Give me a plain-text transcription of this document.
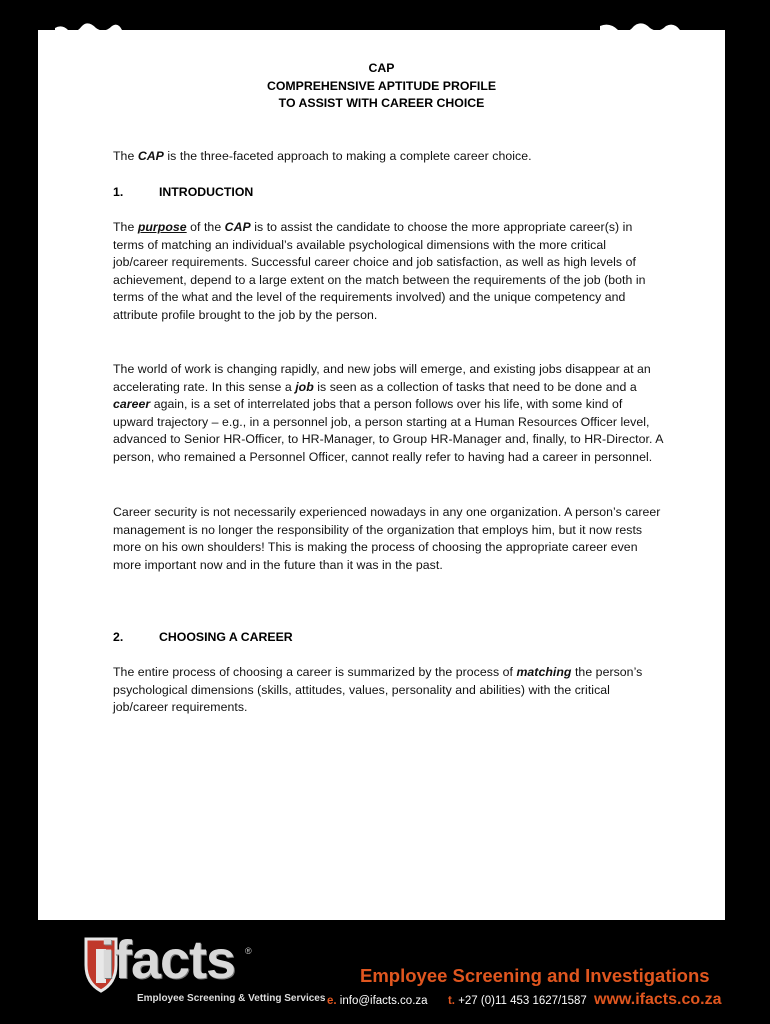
CAP
COMPREHENSIVE APTITUDE PROFILE
TO ASSIST WITH CAREER CHOICE
The CAP is the three-faceted approach to making a complete career choice.
1.	INTRODUCTION
The purpose of the CAP is to assist the candidate to choose the more appropriate career(s) in terms of matching an individual’s available psychological dimensions with the more critical job/career requirements. Successful career choice and job satisfaction, as well as high levels of achievement, depend to a large extent on the match between the requirements of the job (both in terms of the what and the level of the requirements involved) and the unique competency and attribute profile brought to the job by the person.
The world of work is changing rapidly, and new jobs will emerge, and existing jobs disappear at an accelerating rate. In this sense a job is seen as a collection of tasks that need to be done and a career again, is a set of interrelated jobs that a person follows over his life, with some kind of upward trajectory – e.g., in a personnel job, a person starting at a Human Resources Officer level, advanced to Senior HR-Officer, to HR-Manager, to Group HR-Manager and, finally, to HR-Director. A person, who remained a Personnel Officer, cannot really refer to having had a career in personnel.
Career security is not necessarily experienced nowadays in any one organization. A person’s career management is no longer the responsibility of the organization that employs him, but it now rests more on his own shoulders! This is making the process of choosing the appropriate career even more important now and in the future than it was in the past.
2.	CHOOSING A CAREER
The entire process of choosing a career is summarized by the process of matching the person’s psychological dimensions (skills, attitudes, values, personality and abilities) with the critical job/career requirements.
ifacts ®
Employee Screening & Vetting Services
Employee Screening and Investigations
e. info@ifacts.co.za t. +27 (0)11 453 1627/1587 www.ifacts.co.za
